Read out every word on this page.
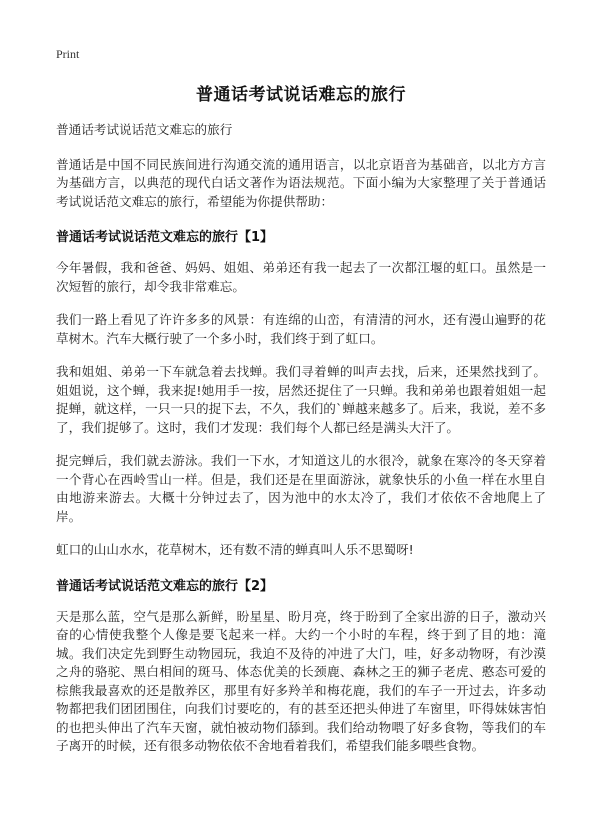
Print
普通话考试说话难忘的旅行

普通话考试说话范文难忘的旅行

普通话是中国不同民族间进行沟通交流的通用语言，以北京语音为基础音，以北方方言为基础方言，以典范的现代白话文著作为语法规范。下面小编为大家整理了关于普通话考试说话范文难忘的旅行，希望能为你提供帮助：

普通话考试说话范文难忘的旅行【1】

今年暑假，我和爸爸、妈妈、姐姐、弟弟还有我一起去了一次都江堰的虹口。虽然是一次短暂的旅行，却令我非常难忘。

我们一路上看见了许许多多的风景：有连绵的山峦，有清清的河水，还有漫山遍野的花草树木。汽车大概行驶了一个多小时，我们终于到了虹口。

我和姐姐、弟弟一下车就急着去找蝉。我们寻着蝉的叫声去找，后来，还果然找到了。姐姐说，这个蝉，我来捉!她用手一按，居然还捉住了一只蝉。我和弟弟也跟着姐姐一起捉蝉，就这样，一只一只的捉下去，不久，我们的`蝉越来越多了。后来，我说，差不多了，我们捉够了。这时，我们才发现：我们每个人都已经是满头大汗了。

捉完蝉后，我们就去游泳。我们一下水，才知道这儿的水很冷，就象在寒冷的冬天穿着一个背心在西岭雪山一样。但是，我们还是在里面游泳，就象快乐的小鱼一样在水里自由地游来游去。大概十分钟过去了，因为池中的水太冷了，我们才依依不舍地爬上了岸。

虹口的山山水水，花草树木，还有数不清的蝉真叫人乐不思蜀呀!

普通话考试说话范文难忘的旅行【2】

天是那么蓝，空气是那么新鲜，盼星星、盼月亮，终于盼到了全家出游的日子，激动兴奋的心情使我整个人像是要飞起来一样。大约一个小时的车程，终于到了目的地：滝城。我们决定先到野生动物园玩，我迫不及待的冲进了大门，哇，好多动物呀，有沙漠之舟的骆驼、黑白相间的斑马、体态优美的长颈鹿、森林之王的狮子老虎、憨态可爱的棕熊我最喜欢的还是散养区，那里有好多羚羊和梅花鹿，我们的车子一开过去，许多动物都把我们团团围住，向我们讨要吃的，有的甚至还把头伸进了车窗里，吓得妹妹害怕的也把头伸出了汽车天窗，就怕被动物们舔到。我们给动物喂了好多食物，等我们的车子离开的时候，还有很多动物依依不舍地看着我们，希望我们能多喂些食物。
